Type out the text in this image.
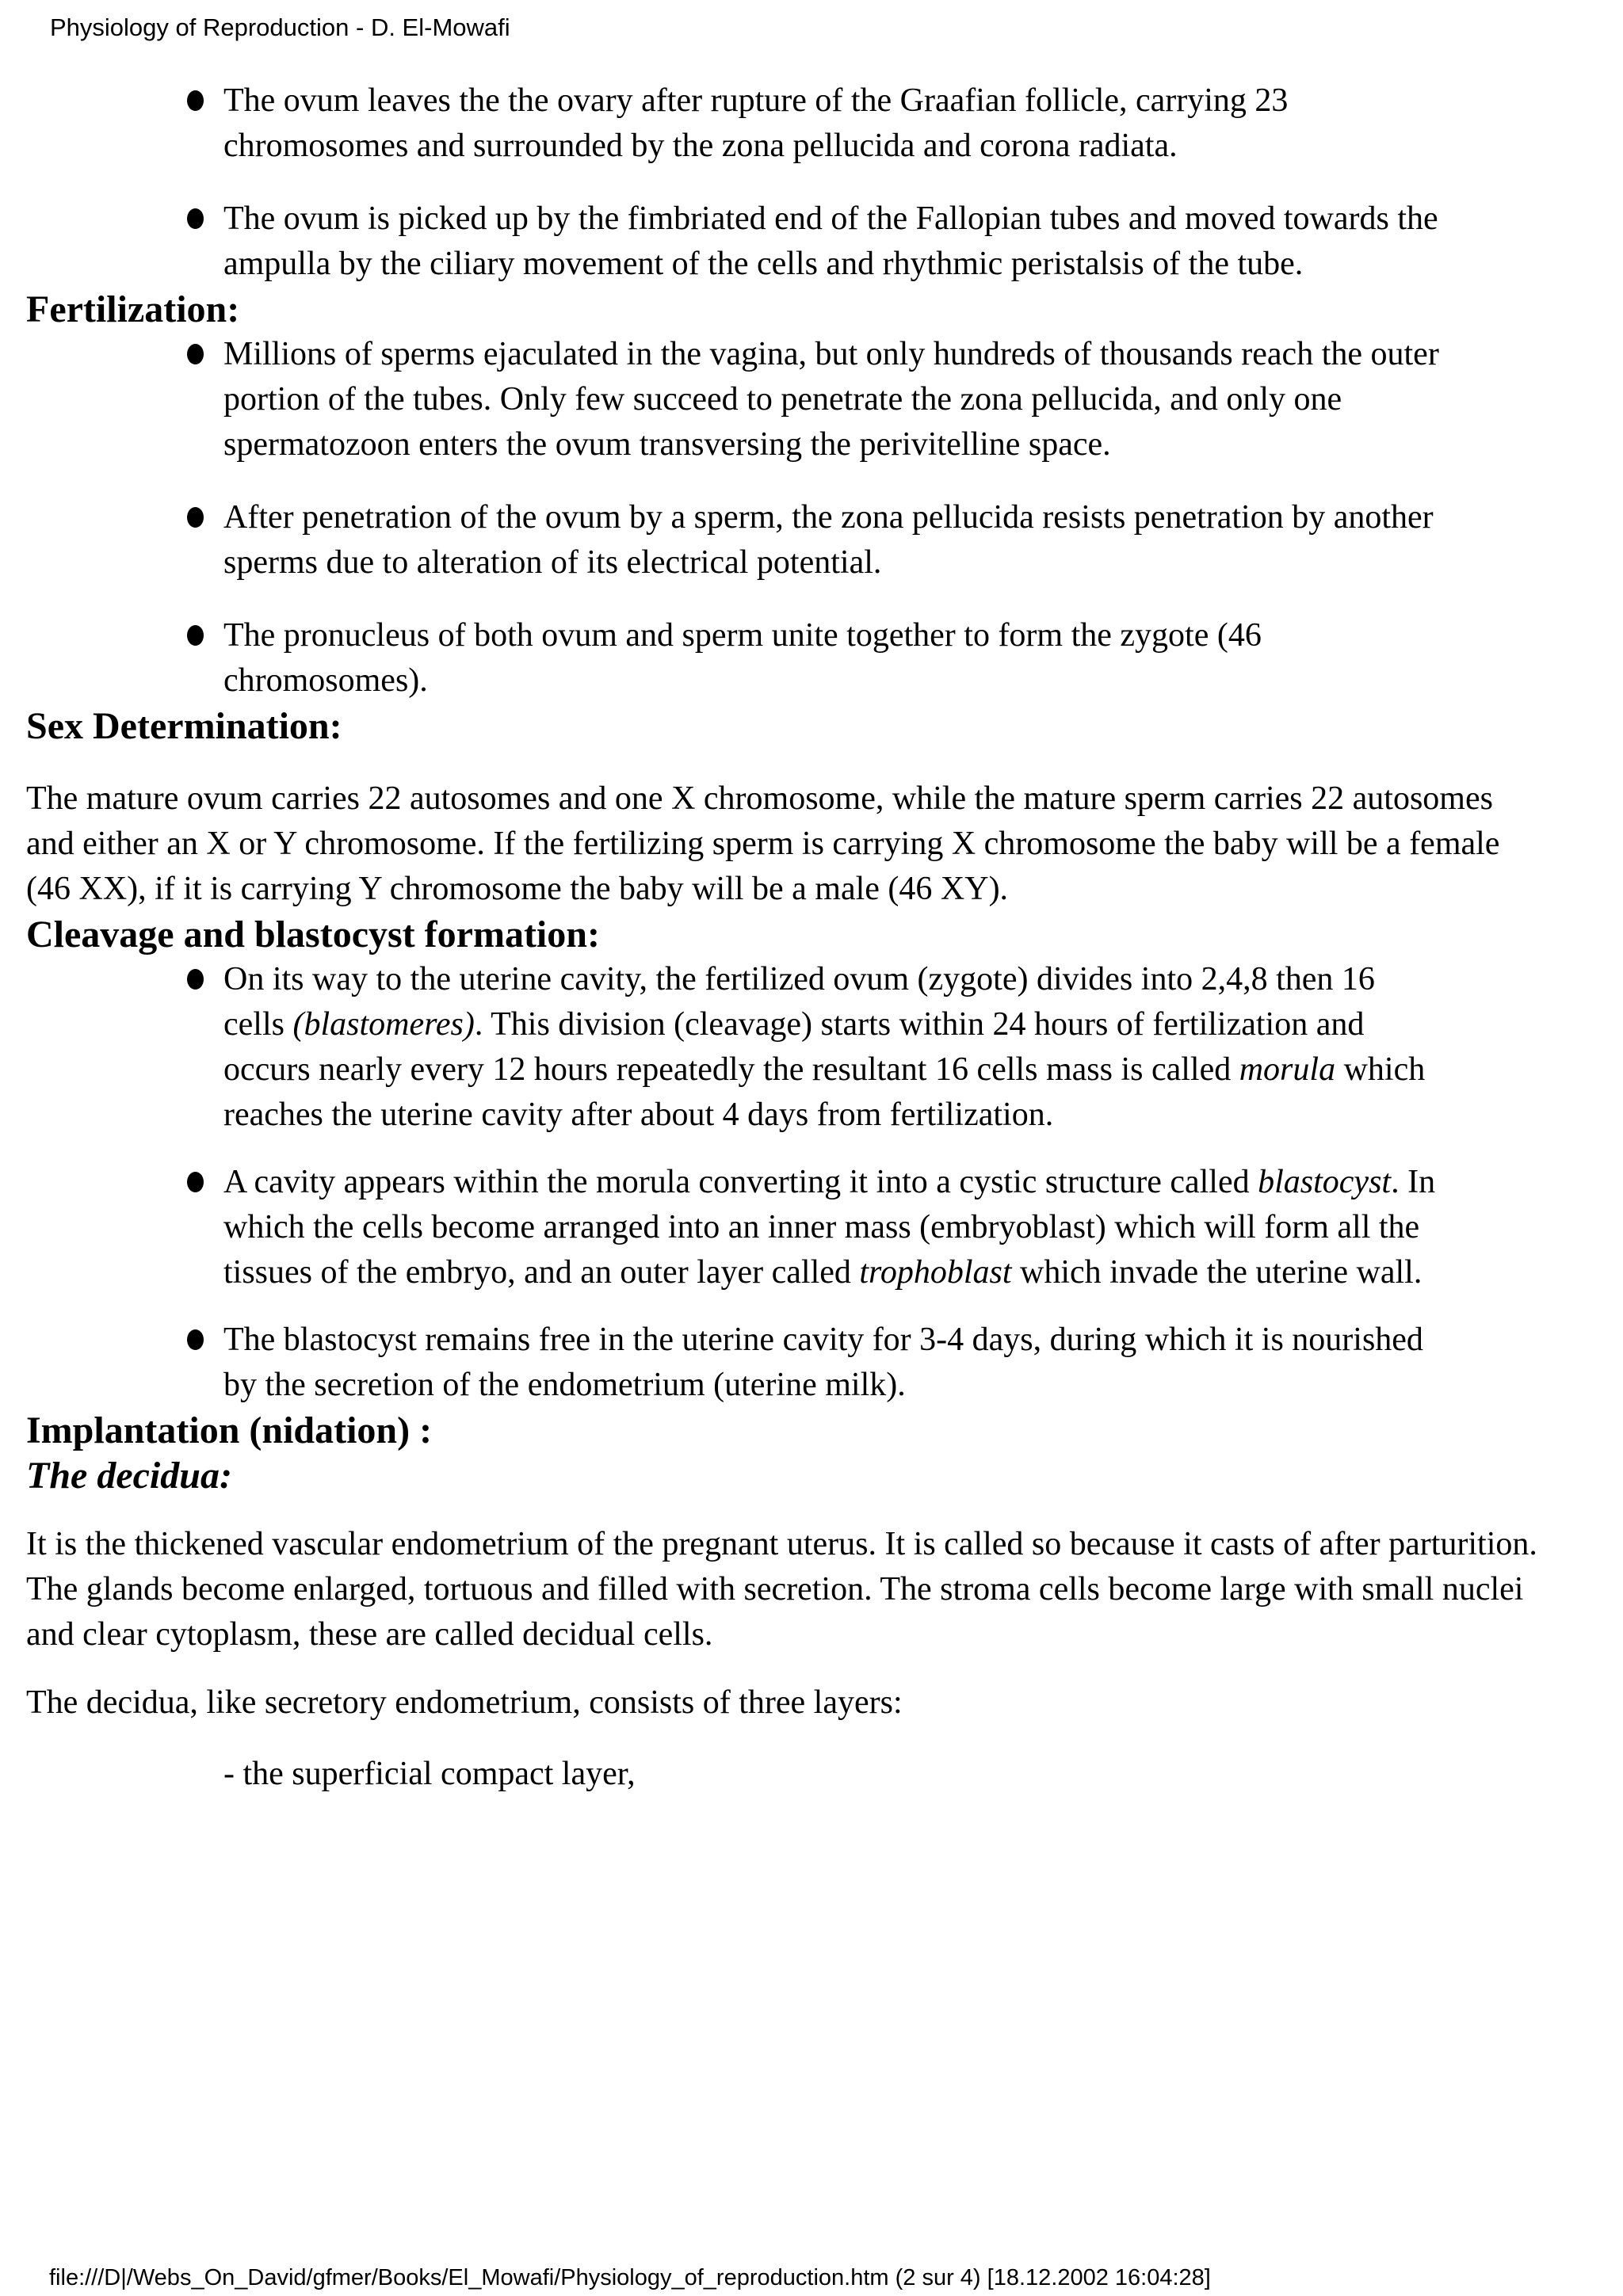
Physiology of Reproduction - D. El-Mowafi
The ovum leaves the the ovary after rupture of the Graafian follicle, carrying 23 chromosomes and surrounded by the zona pellucida and corona radiata.
The ovum is picked up by the fimbriated end of the Fallopian tubes and moved towards the ampulla by the ciliary movement of the cells and rhythmic peristalsis of the tube.
Fertilization:
Millions of sperms ejaculated in the vagina, but only hundreds of thousands reach the outer portion of the tubes. Only few succeed to penetrate the zona pellucida, and only one spermatozoon enters the ovum transversing the perivitelline space.
After penetration of the ovum by a sperm, the zona pellucida resists penetration by another sperms due to alteration of its electrical potential.
The pronucleus of both ovum and sperm unite together to form the zygote (46 chromosomes).
Sex Determination:

The mature ovum carries 22 autosomes and one X chromosome, while the mature sperm carries 22 autosomes and either an X or Y chromosome. If the fertilizing sperm is carrying X chromosome the baby will be a female (46 XX), if it is carrying Y chromosome the baby will be a male (46 XY).

Cleavage and blastocyst formation:
On its way to the uterine cavity, the fertilized ovum (zygote) divides into 2,4,8 then 16 cells (blastomeres). This division (cleavage) starts within 24 hours of fertilization and occurs nearly every 12 hours repeatedly the resultant 16 cells mass is called morula which reaches the uterine cavity after about 4 days from fertilization.
A cavity appears within the morula converting it into a cystic structure called blastocyst. In which the cells become arranged into an inner mass (embryoblast) which will form all the tissues of the embryo, and an outer layer called trophoblast which invade the uterine wall.
The blastocyst remains free in the uterine cavity for 3-4 days, during which it is nourished by the secretion of the endometrium (uterine milk).
Implantation (nidation) :
The decidua:

It is the thickened vascular endometrium of the pregnant uterus. It is called so because it casts of after parturition. The glands become enlarged, tortuous and filled with secretion. The stroma cells become large with small nuclei and clear cytoplasm, these are called decidual cells.

The decidua, like secretory endometrium, consists of three layers:

- the superficial compact layer,

file:///D|/Webs_On_David/gfmer/Books/El_Mowafi/Physiology_of_reproduction.htm (2 sur 4) [18.12.2002 16:04:28]
